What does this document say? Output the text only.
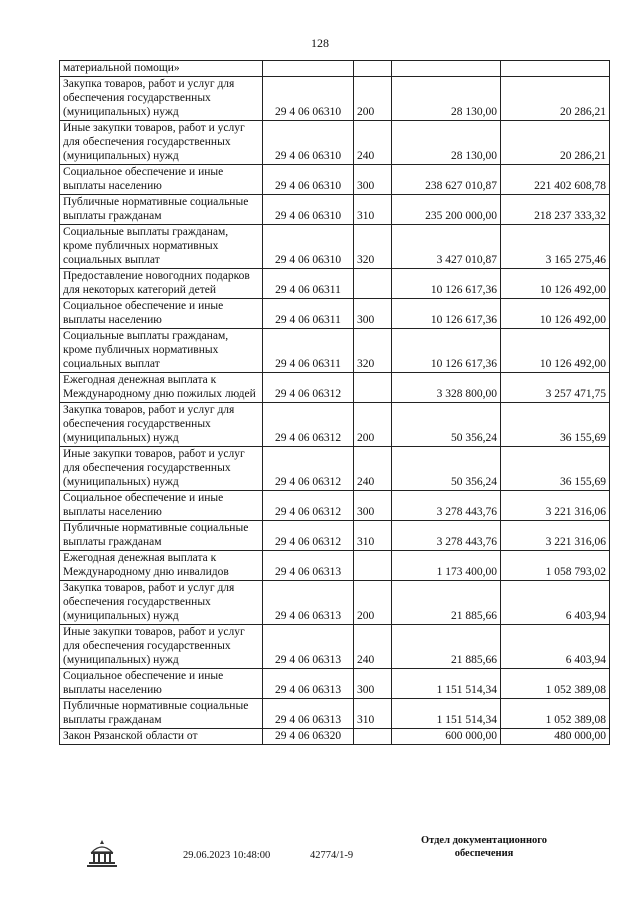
128
материальной помощи»				
Закупка товаров, работ и услуг для обеспечения государственных (муниципальных) нужд	29 4 06 06310	200	28 130,00	20 286,21
Иные закупки товаров, работ и услуг для обеспечения государственных (муниципальных) нужд	29 4 06 06310	240	28 130,00	20 286,21
Социальное обеспечение и иные выплаты населению	29 4 06 06310	300	238 627 010,87	221 402 608,78
Публичные нормативные социальные выплаты гражданам	29 4 06 06310	310	235 200 000,00	218 237 333,32
Социальные выплаты гражданам, кроме публичных нормативных социальных выплат	29 4 06 06310	320	3 427 010,87	3 165 275,46
Предоставление новогодних подарков для некоторых категорий детей	29 4 06 06311		10 126 617,36	10 126 492,00
Социальное обеспечение и иные выплаты населению	29 4 06 06311	300	10 126 617,36	10 126 492,00
Социальные выплаты гражданам, кроме публичных нормативных социальных выплат	29 4 06 06311	320	10 126 617,36	10 126 492,00
Ежегодная денежная выплата к Международному дню пожилых людей	29 4 06 06312		3 328 800,00	3 257 471,75
Закупка товаров, работ и услуг для обеспечения государственных (муниципальных) нужд	29 4 06 06312	200	50 356,24	36 155,69
Иные закупки товаров, работ и услуг для обеспечения государственных (муниципальных) нужд	29 4 06 06312	240	50 356,24	36 155,69
Социальное обеспечение и иные выплаты населению	29 4 06 06312	300	3 278 443,76	3 221 316,06
Публичные нормативные социальные выплаты гражданам	29 4 06 06312	310	3 278 443,76	3 221 316,06
Ежегодная денежная выплата к Международному дню инвалидов	29 4 06 06313		1 173 400,00	1 058 793,02
Закупка товаров, работ и услуг для обеспечения государственных (муниципальных) нужд	29 4 06 06313	200	21 885,66	6 403,94
Иные закупки товаров, работ и услуг для обеспечения государственных (муниципальных) нужд	29 4 06 06313	240	21 885,66	6 403,94
Социальное обеспечение и иные выплаты населению	29 4 06 06313	300	1 151 514,34	1 052 389,08
Публичные нормативные социальные выплаты гражданам	29 4 06 06313	310	1 151 514,34	1 052 389,08
Закон Рязанской области от	29 4 06 06320		600 000,00	480 000,00
29.06.2023 10:48:00	42774/1-9
Отдел документационного обеспечения
